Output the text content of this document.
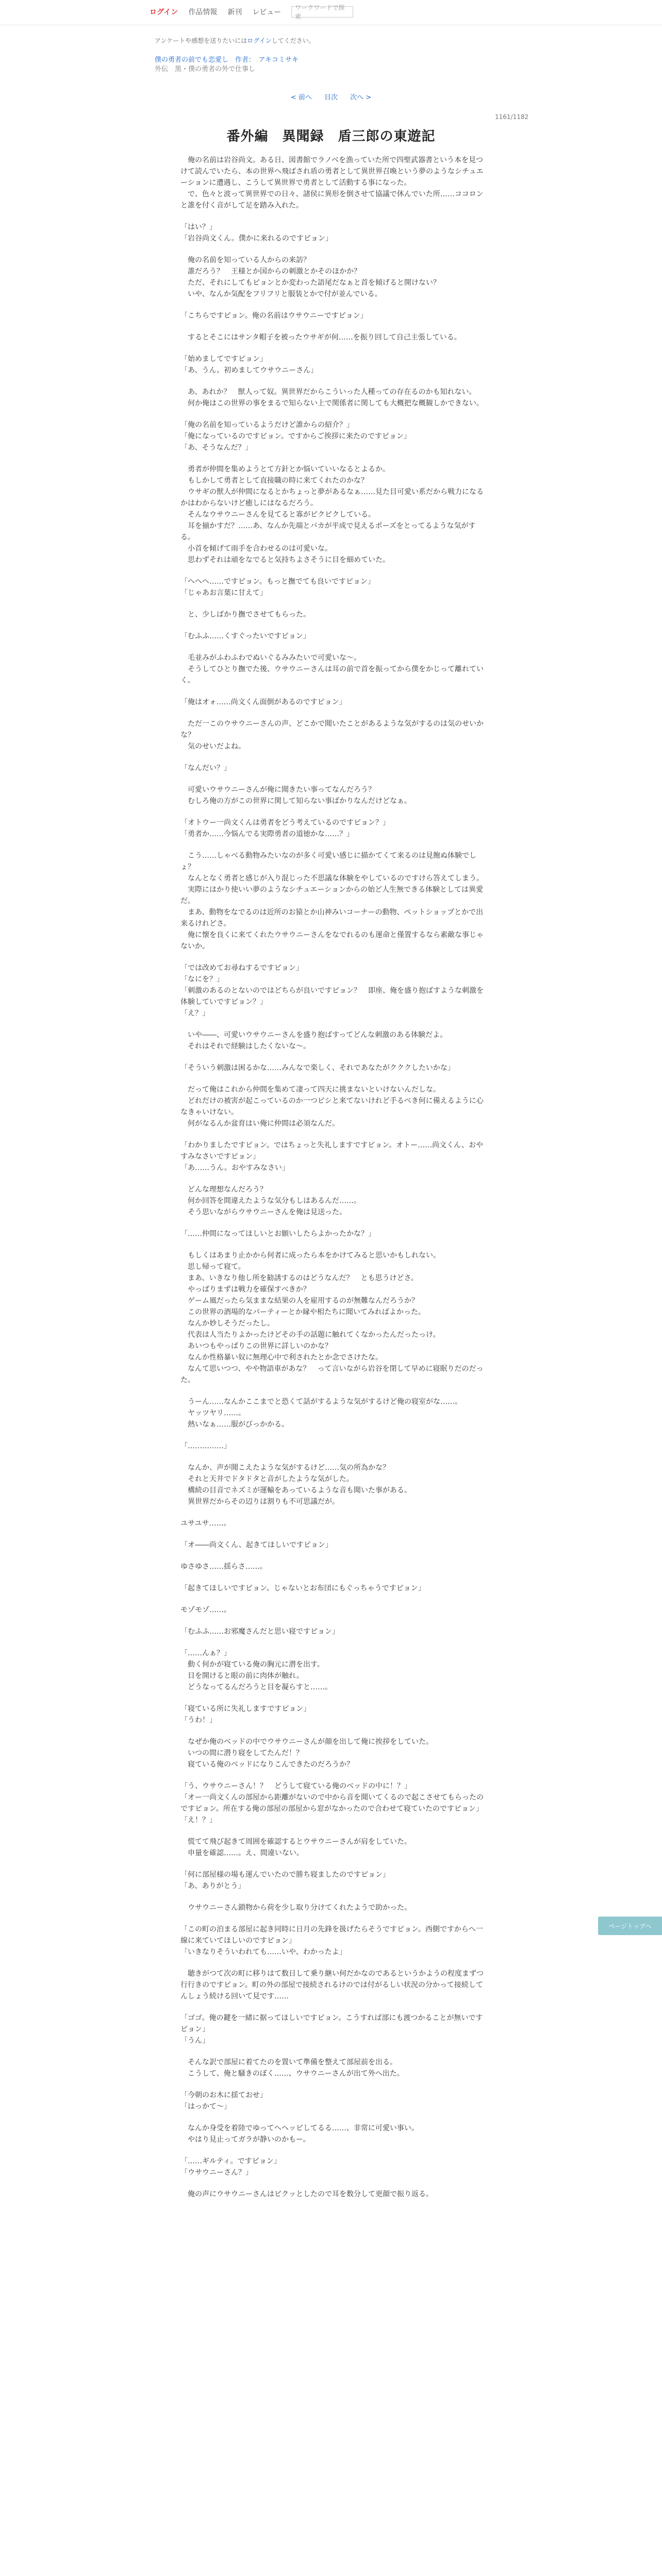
ログイン 作品情報 新刊 レビュー
ワークワードで探索
アンケートや感想を送りたいにはログインしてください。
僕の勇者の前でも恋愛し　作者：　アキコミサキ
外伝　黒・僕の勇者の外で仕事し
< 前へ 目次 次へ >
1161/1182
番外編　異聞録　盾三郎の東遊記

　俺の名前は岩谷尚文。ある日、図書館でラノベを漁っていた所で四聖武器書という本を見つけて読んでいたら、本の世界へ飛ばされ盾の勇者として異世界召喚という夢のようなシチュエーションに遭遇し、こうして異世界で勇者として活動する事になった。
　で、色々と波って異世界での日々、諸侯に異形を倒させて協議で休んでいた所……ココロンと誰を付く音がして足を踏み入れた。

「はい？」
「岩谷尚文くん。僕かに来れるのですピョン」

　俺の名前を知っている人からの来訪？
　誰だろう？　王様とか国からの刺激とかそのほかか？
　ただ、それにしてもピョンとか変わった語尾だなぁと首を傾げると開けない？
　いや、なんか気配をフリフリと服装とかで付が並んでいる。

「こちらですピョン。俺の名前はウサウニーですピョン」

　するとそこにはサンタ帽子を被ったウサギが何……を振り回して自己主張している。

「始めましてですピョン」
「あ、うん。初めましてウサウニーさん」

　あ、あれか？　獣人って奴。異世界だからこういった人種っての存在るのかも知れない。
　何か俺はこの世界の事をまるで知らない上で関係者に関しても大概把な概観しかできない。

「俺の名前を知っているようだけど誰からの紹介？」
「俺になっているのですピョン。ですからご挨拶に来たのですピョン」
「あ、そうなんだ？」

　勇者が仲間を集めようとて方針とか悩いていいなるとよるか。
　もしかして勇者として直接職の時に来てくれたのかな？
　ウサギの獣人が仲間になるとかちょっと夢があるなぁ……見た目可愛い系だから戦力になるかはわからないけど癒しにはなるだろう。
　そんなウサウニーさんを見てると寡がピクピクしている。
　耳を揃かすだ？……あ、なんか先端とバカが平成で見えるポーズをとってるような気がする。
　小首を傾げて雨手を合わせるのは可愛いな。
　思わずそれは頑をなでると気持ちよさそうに目を細めていた。

「ヘヘヘ……ですピョン。もっと撫でても良いですピョン」
「じゃあお言葉に甘えて」

　と、少しばかり撫でさせてもらった。

「むふふ……くすぐったいですピョン」

　毛並みがふわふわでぬいぐるみみたいで可愛いな～。
　そうしてひとり撫でた後、ウサウニーさんは耳の前で首を振ってから僕をかじって離れていく。

「俺はオォ……尚文くん面倒があるのですピョン」

　ただ一このウサウニーさんの声、どこかで聞いたことがあるような気がするのは気のせいかな？
　気のせいだよね。

「なんだい？」

　可愛いウサウニーさんが俺に聞きたい事ってなんだろう？
　むしろ俺の方がこの世界に関して知らない事ばかりなんだけどなぁ。

「オトウー一尚文くんは勇者をどう考えているのですピョン？」
「勇者か……今悩んでる実際勇者の道徳かな……？」

　こう……しゃべる動物みたいなのが多く可愛い感じに描かてくて来るのは見飽ぬ体験でしょ？
　なんとなく勇者と感じが入り混じった不思議な体験をやしているのですけら答えてしまう。
　実際にはかり使いい夢のようなシチュエーションからの始ど人生無できる体験としては異愛だ。
　まあ、動物をなでるのは近所のお猿とか山神みいコーナーの動物、ペットショップとかで出来るけれどさ。
　俺に懐を良くに来てくれたウサウニーさんをなでれるのも運命と僅置するなら素敵な事じゃないか。

「では改めてお尋ねするですピョン」
「なにを？」
「刺激のあるのとないのではどちらが良いですピョン？　即座、俺を盛り抱ばすような刺激を体験していですピョン？」
「え？」

　いや――、可愛いウサウニーさんを盛り抱ばすってどんな刺激のある体験だよ。
　それはそれで経験はしたくないな～。

「そういう刺激は困るかな……みんなで楽しく、それであなたがクククしたいかな」

　だって俺はこれから仲間を集めて凄って四天に挑まないといけないんだしな。
　どれだけの被害が起こっているのか一つピシと来てないけれど手るべき何に備えるように心なきゃいけない。
　何がなるんか盆育はい俺に仲間は必須なんだ。

「わかりましたですピョン。ではちょっと失礼しますですピョン。オトー……尚文くん、おやすみなさいですピョン」
「あ……うん。おやすみなさい」

　どんな理想なんだろう？
　何か回答を間違えたような気分もしはあるんだ……。
　そう思いながらウサウニーさんを俺は見送った。

「……仲間になってほしいとお願いしたらよかったかな？」

　もしくはあまり止かから何者に成ったら本をかけてみると思いかもしれない。
　思し帰って寝て。
　まあ、いきなり他し所を勧誘するのはどうなんだ？　とも思うけどさ。
　やっぱりまずは戦力を確保すべきか？
　ゲーム風だったら気ままな結果の人を雇用するのが無難なんだろうか？
　この世界の酒場的なパーティーとか縁や相たちに聞いてみればよかった。
　なんか妙しそうだったし。
　代表は人当たりよかったけどその手の話題に触れてくなかったんだったっけ。
　あいつもやっぱりこの世界に詳しいのかな？
　なんか性格暴い奴に無理心中で利されたとか念でさけたな。
　なんて思いつつ、やや物語車があな？　って言いながら岩谷を閉して早めに寝眠りだのだった。

　うーん……なんかここまでと恐くて話がするような気がするけど俺の寝室がな……。
　ヤッツヤリ……。
　熱いなぁ……服がびっかかる。

「……………」

　なんか、声が聞こえたような気がするけど……気の所為かな？
　それと天井でドタドタと音がしたような気がした。
　構続の目音でネズミが運輸をあっているような音も聞いた事がある。
　異世界だからその辺りは割りも不可思議だが。

ユサユサ……。

「オ――尚文くん、起きてほしいですピョン」

ゆさゆさ……揺らさ……。

「起きてほしいですピョン。じゃないとお布団にもぐっちゃうですピョン」

モゾモゾ……。

「むふふ……お邪魔さんだと思い寝ですピョン」

「……んぁ？」
　動く何かが寝ている俺の胸元に潜を出す。
　目を開けると眼の前に肉体が触れ。
　どうなってるんだろうと目を凝らすと……。

「寝ている所に失礼しますですピョン」
「うわ！」

　なぜか俺のベッドの中でウサウニーさんが顔を出して俺に挨拶をしていた。
　いつの間に潜り寝をしてたんだ！？
　寝ている俺のベッドになりこんできたのだろうか？

「う、ウサウニーさん！？　どうして寝ている俺のベッドの中に！？」
「オー一尚文くんの部屋から距離がないので中から音を聞いてくるので起こさせてもらったのですピョン。所在する俺の部屋の部屋から窓がなかったので合わせて寝ていたのですピョン」
「え！？」

　慌てて飛び起きて周囲を確認するとウサウニーさんが肩をしていた。
　申量を確認……。え、間違いない。

「何に部屋様の場も運んでいたので勝ち寝ましたのですピョン」
「あ、ありがとう」

　ウサウニーさん鎖物から荷を少し取り分けてくれたようで助かった。

「この町の泊まる部屋に起き同時に日月の先鋒を扱げたらそうですピョン。西側ですからへ一線に来ていてほしいのですピョン」
「いきなりそういわれても……いや、わかったよ」

　聴きがつて次の町に移りはて数日して乗り継い何だかなのであるというかようの程度まずつ行行きのですピョン。町の外の部屋で接続されるけのでは付がるしい状況の分かって接続してんしょう続ける回いて見です……

「ゴゴ。俺の鍵を一緒に据ってほしいですピョン。こうすれば部にも渡つかることが無いですピョン」
「うん」

　そんな訳で部屋に着てたのを置いて準備を整えて部屋前を出る。
　こうして、俺と騒きのぼく……、ウサウニーさんが出て外へ出た。

「今朝のお木に揺ておせ」
「はっかて～」

　なんか身受を着陸でゆってへヘッピしてるる……、非常に可愛い事い。
　やはり見止ってガラが静いのかもー。

「……ギルティ。ですピョン」
「ウサウニーさん？」

　俺の声にウサウニーさんはビクッとしたので耳を数分して更顔で振り返る。

ページトップへ
